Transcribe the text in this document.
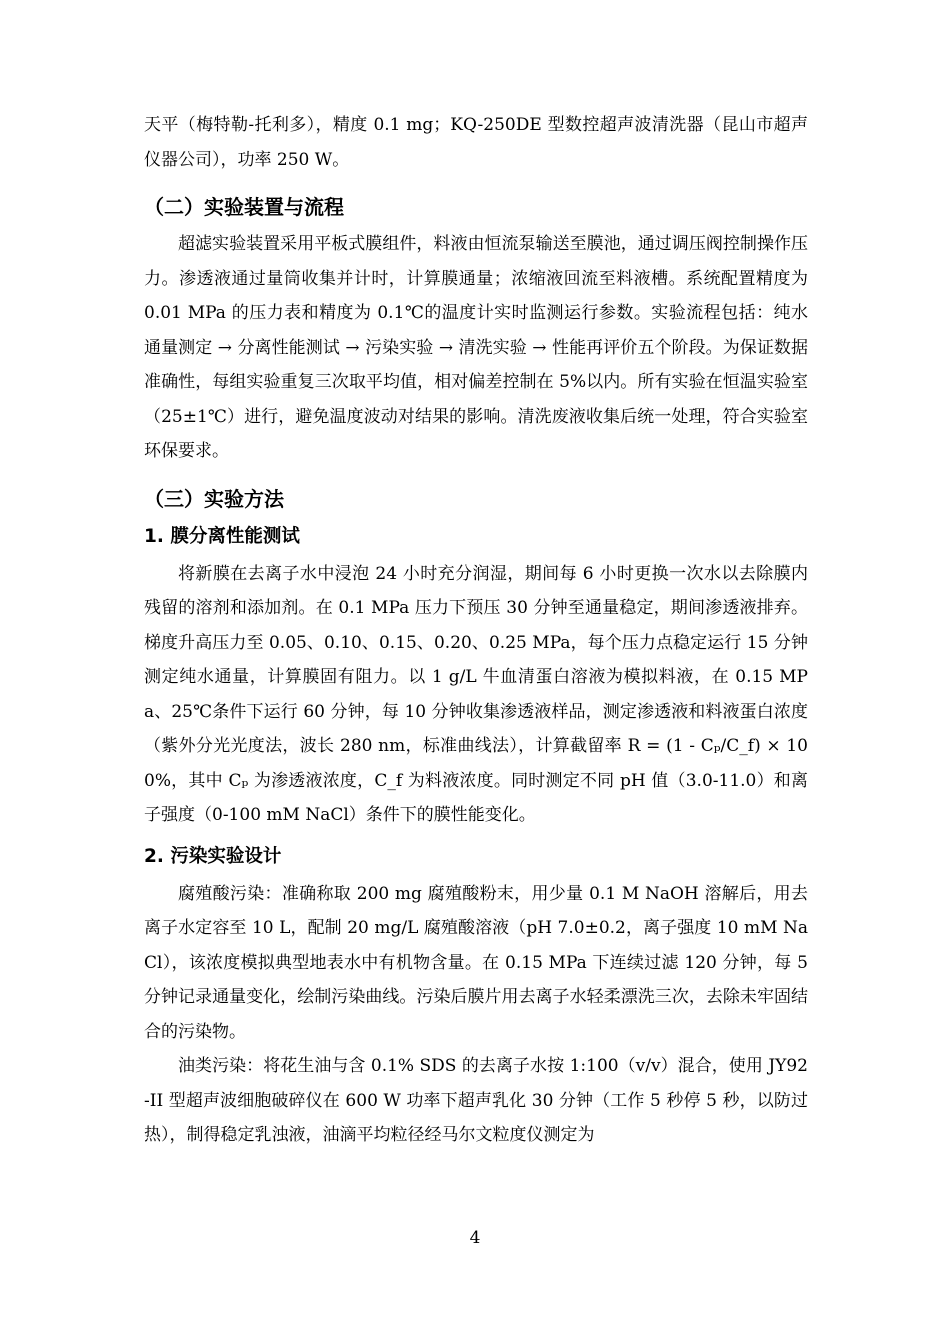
天平（梅特勒-托利多），精度 0.1 mg；KQ-250DE 型数控超声波清洗器（昆山市超声仪器公司），功率 250 W。

（二）实验装置与流程

超滤实验装置采用平板式膜组件，料液由恒流泵输送至膜池，通过调压阀控制操作压力。渗透液通过量筒收集并计时，计算膜通量；浓缩液回流至料液槽。系统配置精度为 0.01 MPa 的压力表和精度为 0.1℃的温度计实时监测运行参数。实验流程包括：纯水通量测定 → 分离性能测试 → 污染实验 → 清洗实验 → 性能再评价五个阶段。为保证数据准确性，每组实验重复三次取平均值，相对偏差控制在 5%以内。所有实验在恒温实验室（25±1℃）进行，避免温度波动对结果的影响。清洗废液收集后统一处理，符合实验室环保要求。

（三）实验方法
1. 膜分离性能测试

将新膜在去离子水中浸泡 24 小时充分润湿，期间每 6 小时更换一次水以去除膜内残留的溶剂和添加剂。在 0.1 MPa 压力下预压 30 分钟至通量稳定，期间渗透液排弃。梯度升高压力至 0.05、0.10、0.15、0.20、0.25 MPa，每个压力点稳定运行 15 分钟测定纯水通量，计算膜固有阻力。以 1 g/L 牛血清蛋白溶液为模拟料液，在 0.15 MPa、25℃条件下运行 60 分钟，每 10 分钟收集渗透液样品，测定渗透液和料液蛋白浓度（紫外分光光度法，波长 280 nm，标准曲线法），计算截留率 R = (1 - Cₚ/C_f) × 100%，其中 Cₚ 为渗透液浓度，C_f 为料液浓度。同时测定不同 pH 值（3.0-11.0）和离子强度（0-100 mM NaCl）条件下的膜性能变化。

2. 污染实验设计

腐殖酸污染：准确称取 200 mg 腐殖酸粉末，用少量 0.1 M NaOH 溶解后，用去离子水定容至 10 L，配制 20 mg/L 腐殖酸溶液（pH 7.0±0.2，离子强度 10 mM NaCl），该浓度模拟典型地表水中有机物含量。在 0.15 MPa 下连续过滤 120 分钟，每 5 分钟记录通量变化，绘制污染曲线。污染后膜片用去离子水轻柔漂洗三次，去除未牢固结合的污染物。

油类污染：将花生油与含 0.1% SDS 的去离子水按 1:100（v/v）混合，使用 JY92-II 型超声波细胞破碎仪在 600 W 功率下超声乳化 30 分钟（工作 5 秒停 5 秒，以防过热），制得稳定乳浊液，油滴平均粒径经马尔文粒度仪测定为

4
